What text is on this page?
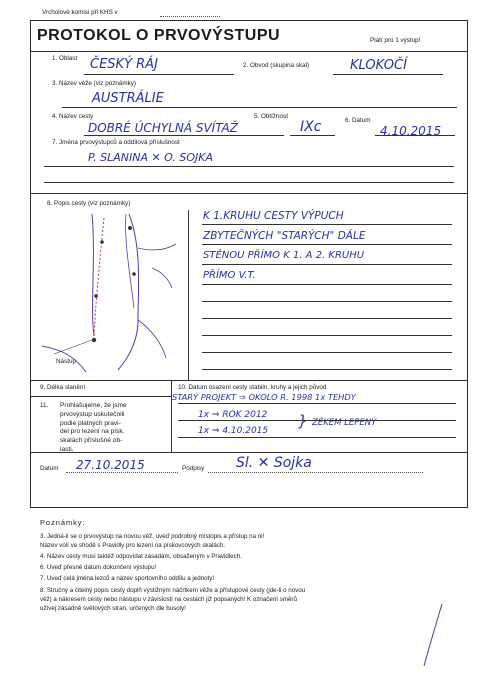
Vrcholové komisi při KHS v
PROTOKOL O PRVOVÝSTUPU	Platí pro 1 výstup!
1. Oblast ČESKÝ RÁJ	2. Obvod (skupina skal)	KLOKOČÍ
3. Název věže (viz poznámky)
AUSTRÁLIE
4. Název cesty
DOBRÉ ÚCHYLNÁ SVÍTAŽ
5. Obtížnost
IXc	6. Datum
4.10.2015
7. Jména prvovýstupců a oddílová příslušnost
P. SLANINA ✕ O. SOJKA
8. Popis cesty (viz poznámky)
Nástup
K 1.KRUHU CESTY VÝPUCH
ZBYTEČNÝCH "STARÝCH" DÁLE
STĚNOU PŘÍMO K 1. A 2. KRUHU
PŘÍMO V.T.
9. Délka slanění	10. Datum osazení cesty stabiln. kruhy a jejich původ
STARÝ PROJEKT ⇒ OKOLO R. 1998 1x TEHDY
1x ⇒ ROK 2012
1x ⇒ 4.10.2015
} ZÉKEM LEPENÝ
11. Prohlašujeme, že jsme
prvovýstup uskutečnili
podle platných pravi-
del pro lezení na písk.
skalách příslušné ob-
lasti.
Datum 27.10.2015	Podpisy Sl. ✕ Sojka
Poznámky:
3. Jedná-li se o prvovýstup na novou věž, uveď podrobný místopis a přístup na ni!
Název volí ve shodě s Pravidly pro lezení na pískovcových skalách.
4. Název cesty musí taktéž odpovídat zásadám, obsaženým v Pravidlech.
6. Uveď přesné datum dokončení výstupu!
7. Uveď celá jména lezců a název sportovního oddílu a jednoty!
8. Stručný a čitelný popis cesty doplň výstižným náčrtkem věže a přístupové cesty (jde-li o novou
věž) a nákresem cesty nebo nástupu v závislosti na cestách již popsaných! K označení směrů
užívej zásadně světových stran, určených dle busoly!
